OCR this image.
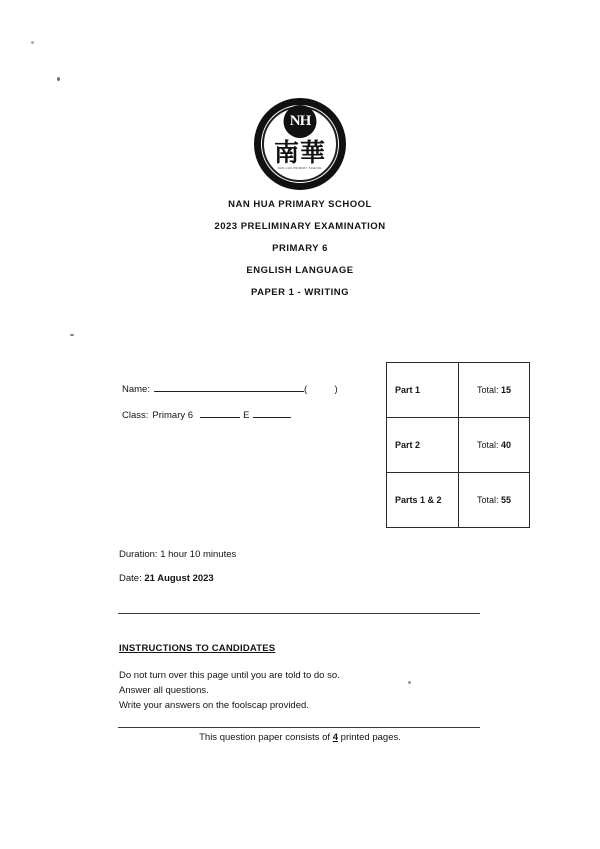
NH
南華
NAN HUA PRIMARY SCHOOL
NAN HUA PRIMARY SCHOOL
2023 PRELIMINARY EXAMINATION
PRIMARY 6
ENGLISH LANGUAGE
PAPER 1 - WRITING
Name:	(
	)
Class: Primary 6	E
Part 1	Total: 15
Part 2	Total: 40
Parts 1 & 2	Total: 55
Duration: 1 hour 10 minutes
Date: 21 August 2023
INSTRUCTIONS TO CANDIDATES
Do not turn over this page until you are told to do so.
Answer all questions.
Write your answers on the foolscap provided.
This question paper consists of 4 printed pages.
